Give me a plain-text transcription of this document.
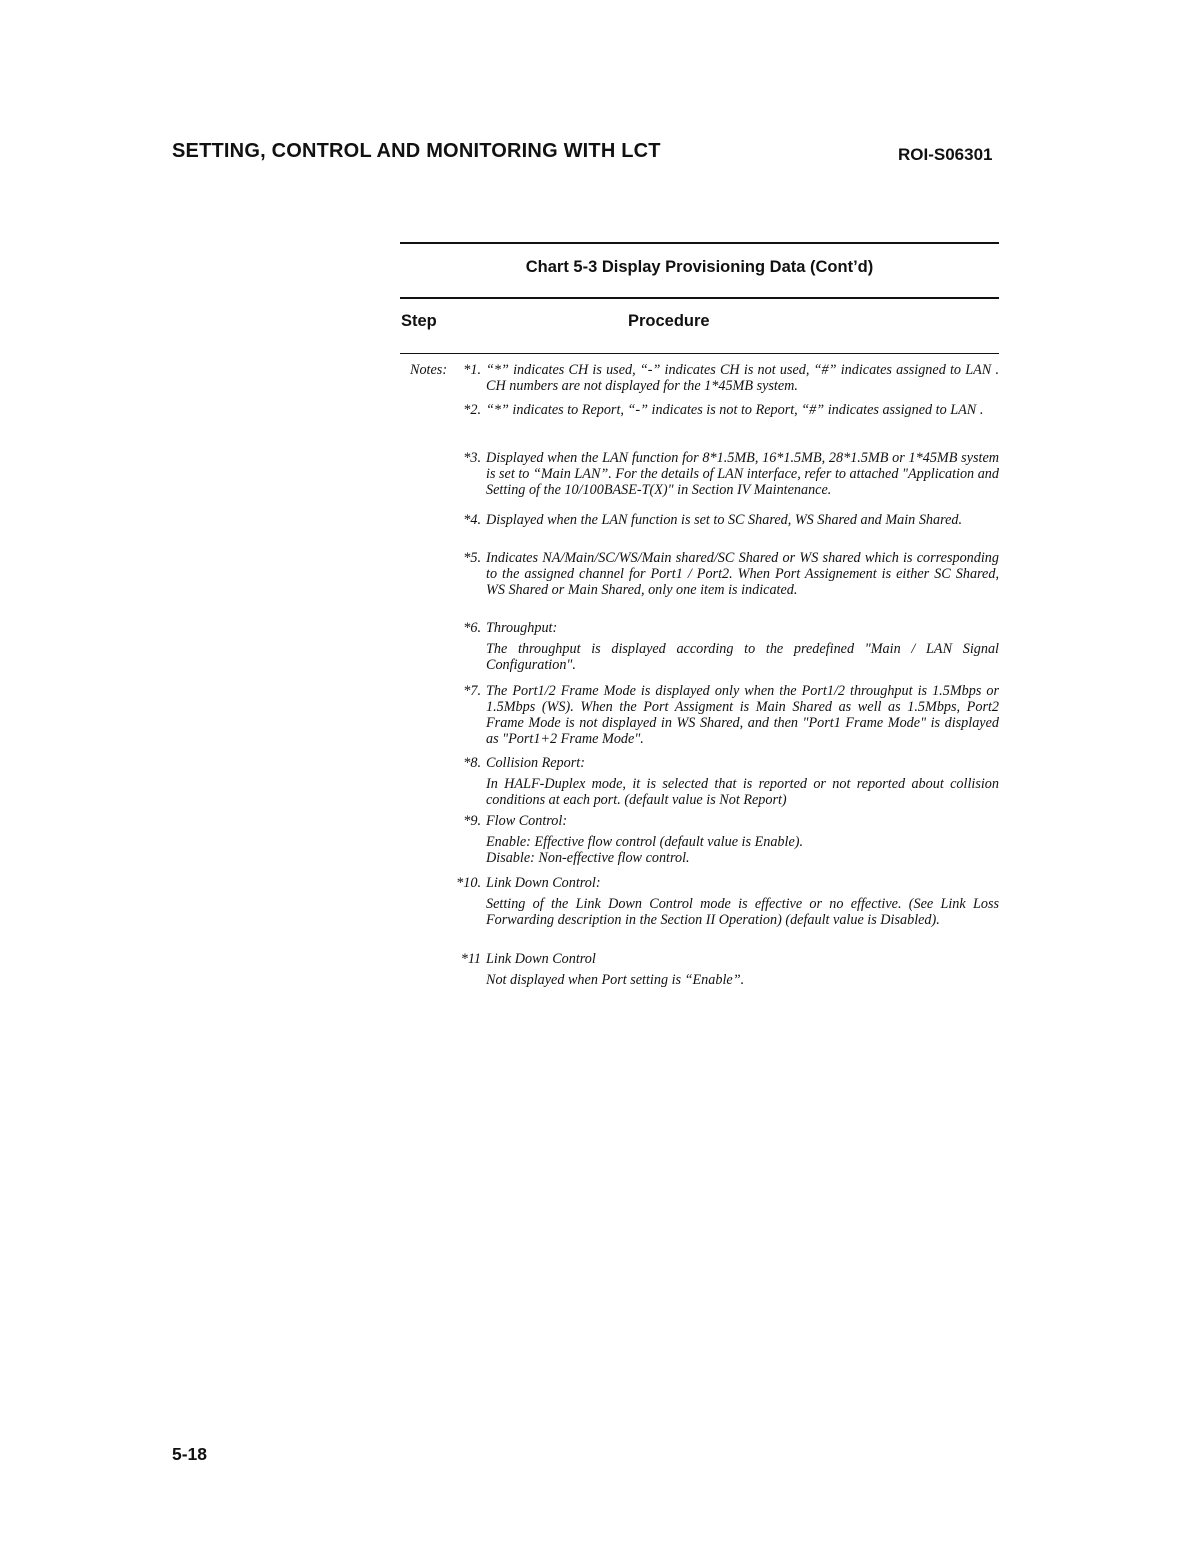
SETTING, CONTROL AND MONITORING WITH LCT	ROI-S06301
Chart 5-3 Display Provisioning Data (Cont’d)
Step	Procedure
Notes:	*1. “*” indicates CH is used, “-” indicates CH is not used, “#” indicates assigned to LAN . CH numbers are not displayed for the 1*45MB system.

*2. “*” indicates to Report, “-” indicates is not to Report, “#” indicates assigned to LAN .

*3. Displayed when the LAN function for 8*1.5MB, 16*1.5MB, 28*1.5MB or 1*45MB system is set to “Main LAN”. For the details of LAN interface, refer to attached "Application and Setting of the 10/100BASE-T(X)" in Section IV Maintenance.

*4. Displayed when the LAN function is set to SC Shared, WS Shared and Main Shared.

*5. Indicates NA/Main/SC/WS/Main shared/SC Shared or WS shared which is corresponding to the assigned channel for Port1 / Port2. When Port Assignement is either SC Shared, WS Shared or Main Shared, only one item is indicated.

*6. Throughput:

The throughput is displayed according to the predefined "Main / LAN Signal Configuration".

*7. The Port1/2 Frame Mode is displayed only when the Port1/2 throughput is 1.5Mbps or 1.5Mbps (WS). When the Port Assigment is Main Shared as well as 1.5Mbps, Port2 Frame Mode is not displayed in WS Shared, and then "Port1 Frame Mode" is displayed as "Port1+2 Frame Mode".

*8. Collision Report:

In HALF-Duplex mode, it is selected that is reported or not reported about collision conditions at each port. (default value is Not Report)

*9. Flow Control:

Enable: Effective flow control (default value is Enable).
Disable: Non-effective flow control.

*10. Link Down Control:

Setting of the Link Down Control mode is effective or no effective. (See Link Loss Forwarding description in the Section II Operation) (default value is Disabled).

*11 Link Down Control

Not displayed when Port setting is “Enable”.

5-18
